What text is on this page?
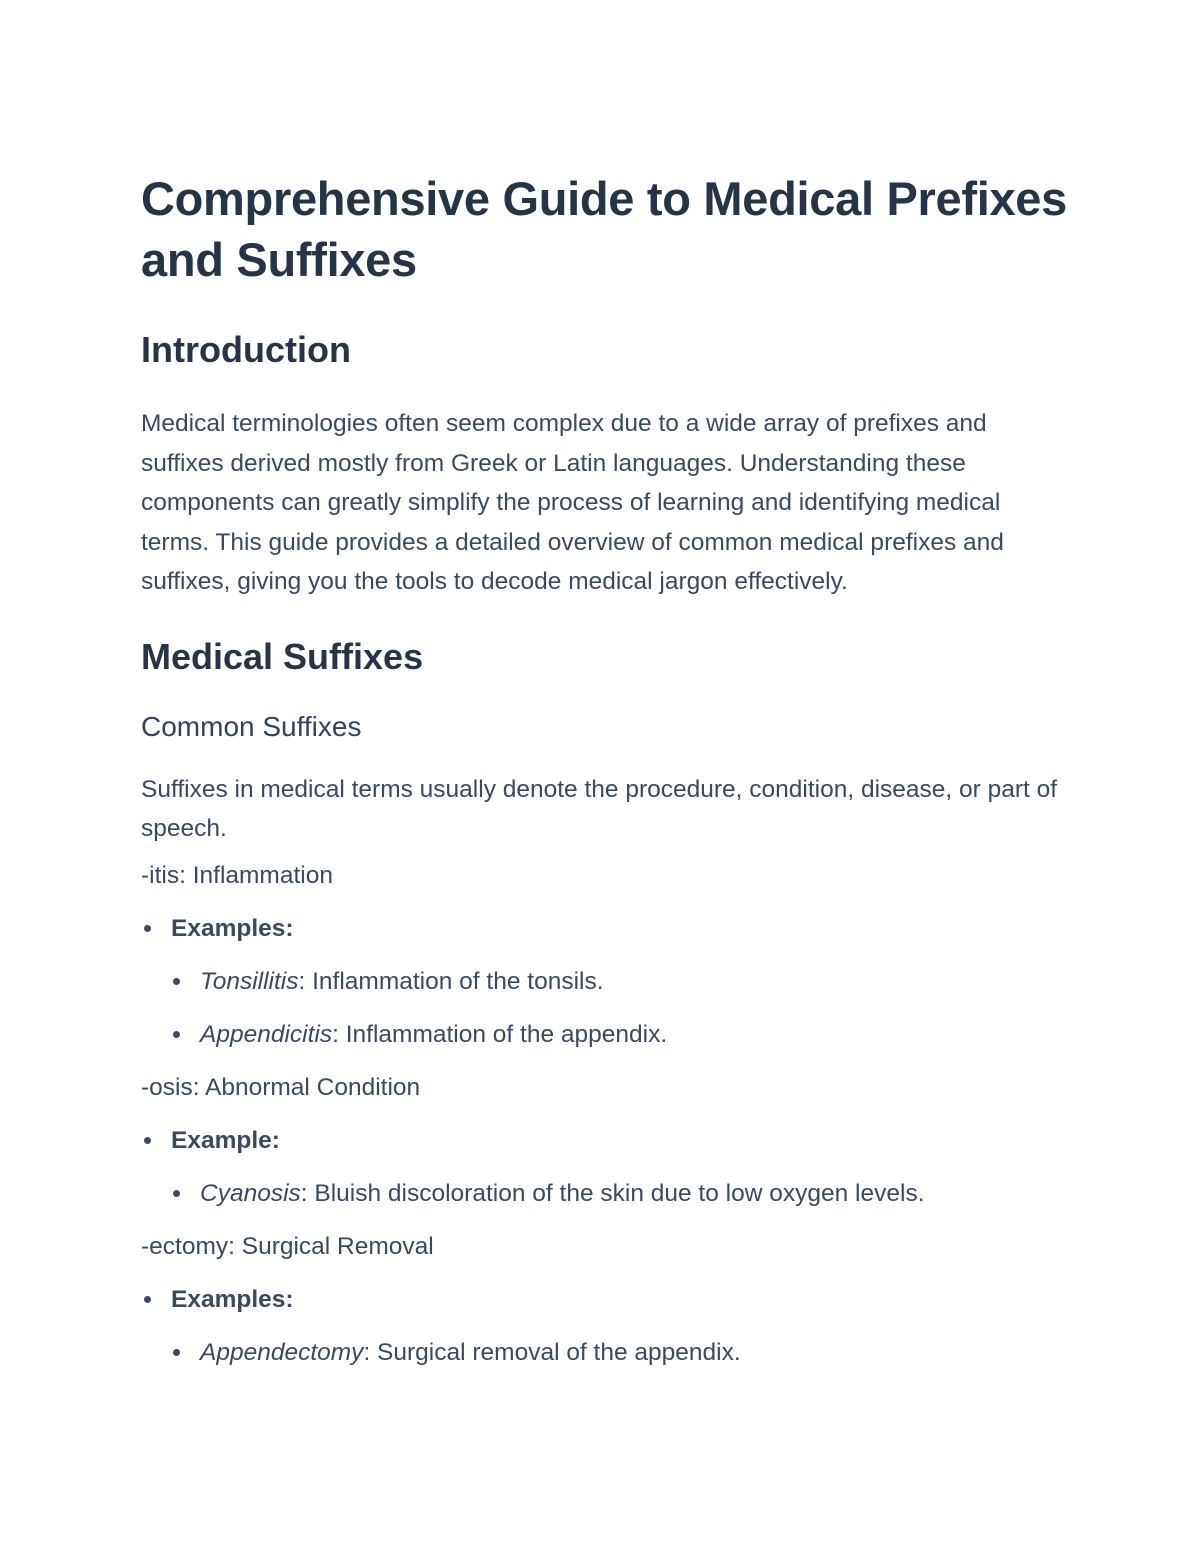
Comprehensive Guide to Medical Prefixes and Suffixes
Introduction

Medical terminologies often seem complex due to a wide array of prefixes and suffixes derived mostly from Greek or Latin languages. Understanding these components can greatly simplify the process of learning and identifying medical terms. This guide provides a detailed overview of common medical prefixes and suffixes, giving you the tools to decode medical jargon effectively.

Medical Suffixes
Common Suffixes

Suffixes in medical terms usually denote the procedure, condition, disease, or part of speech.

-itis: Inflammation
Examples:
Tonsillitis: Inflammation of the tonsils.
Appendicitis: Inflammation of the appendix.
-osis: Abnormal Condition
Example:
Cyanosis: Bluish discoloration of the skin due to low oxygen levels.
-ectomy: Surgical Removal
Examples:
Appendectomy: Surgical removal of the appendix.
